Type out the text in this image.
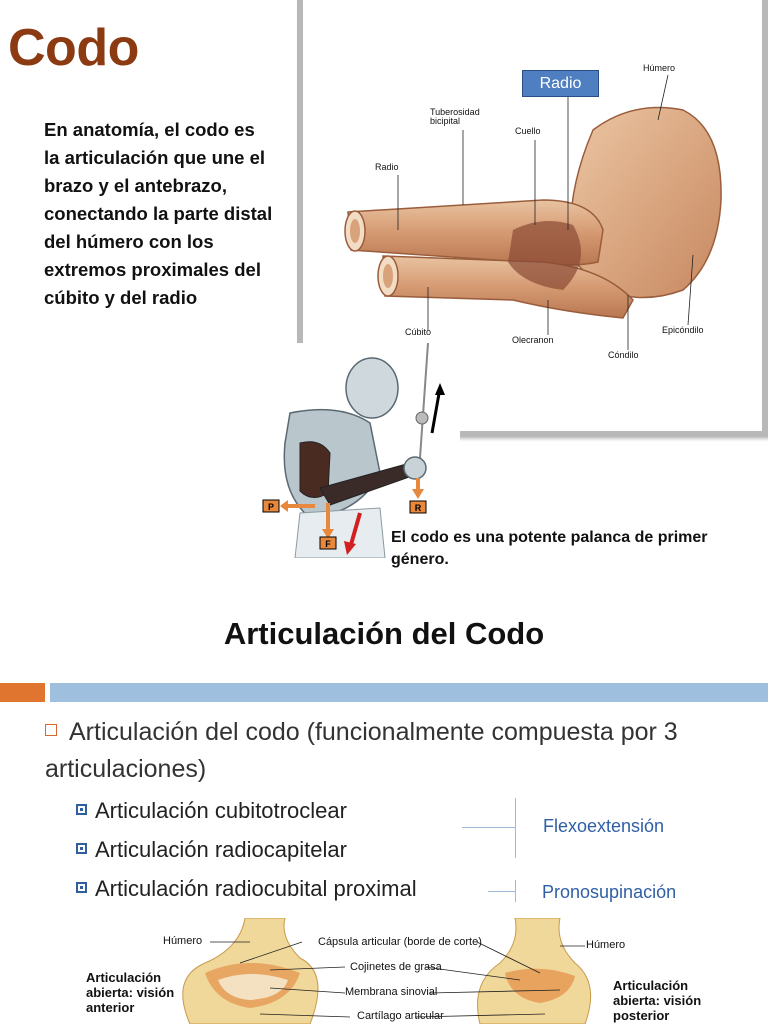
Codo
En anatomía, el codo es la articulación que une el brazo y el antebrazo, conectando la parte distal del húmero con los extremos proximales del cúbito y del radio
Radio
Húmero
Tuberosidad bicipital
Cuello
Radio
Cúbito
Olecranon
Cóndilo
Epicóndilo
P
F
R
El codo es una potente palanca de primer género.
Articulación del Codo
Articulación del codo (funcionalmente compuesta por 3 articulaciones)
Articulación cubitotroclear
Articulación radiocapitelar
Articulación radiocubital proximal
Flexoextensión
Pronosupinación
Húmero	Húmero
Cápsula articular (borde de corte)
Cojinetes de grasa
Membrana sinovial
Cartílago articular
Articulación abierta: visión anterior
Articulación abierta: visión posterior
